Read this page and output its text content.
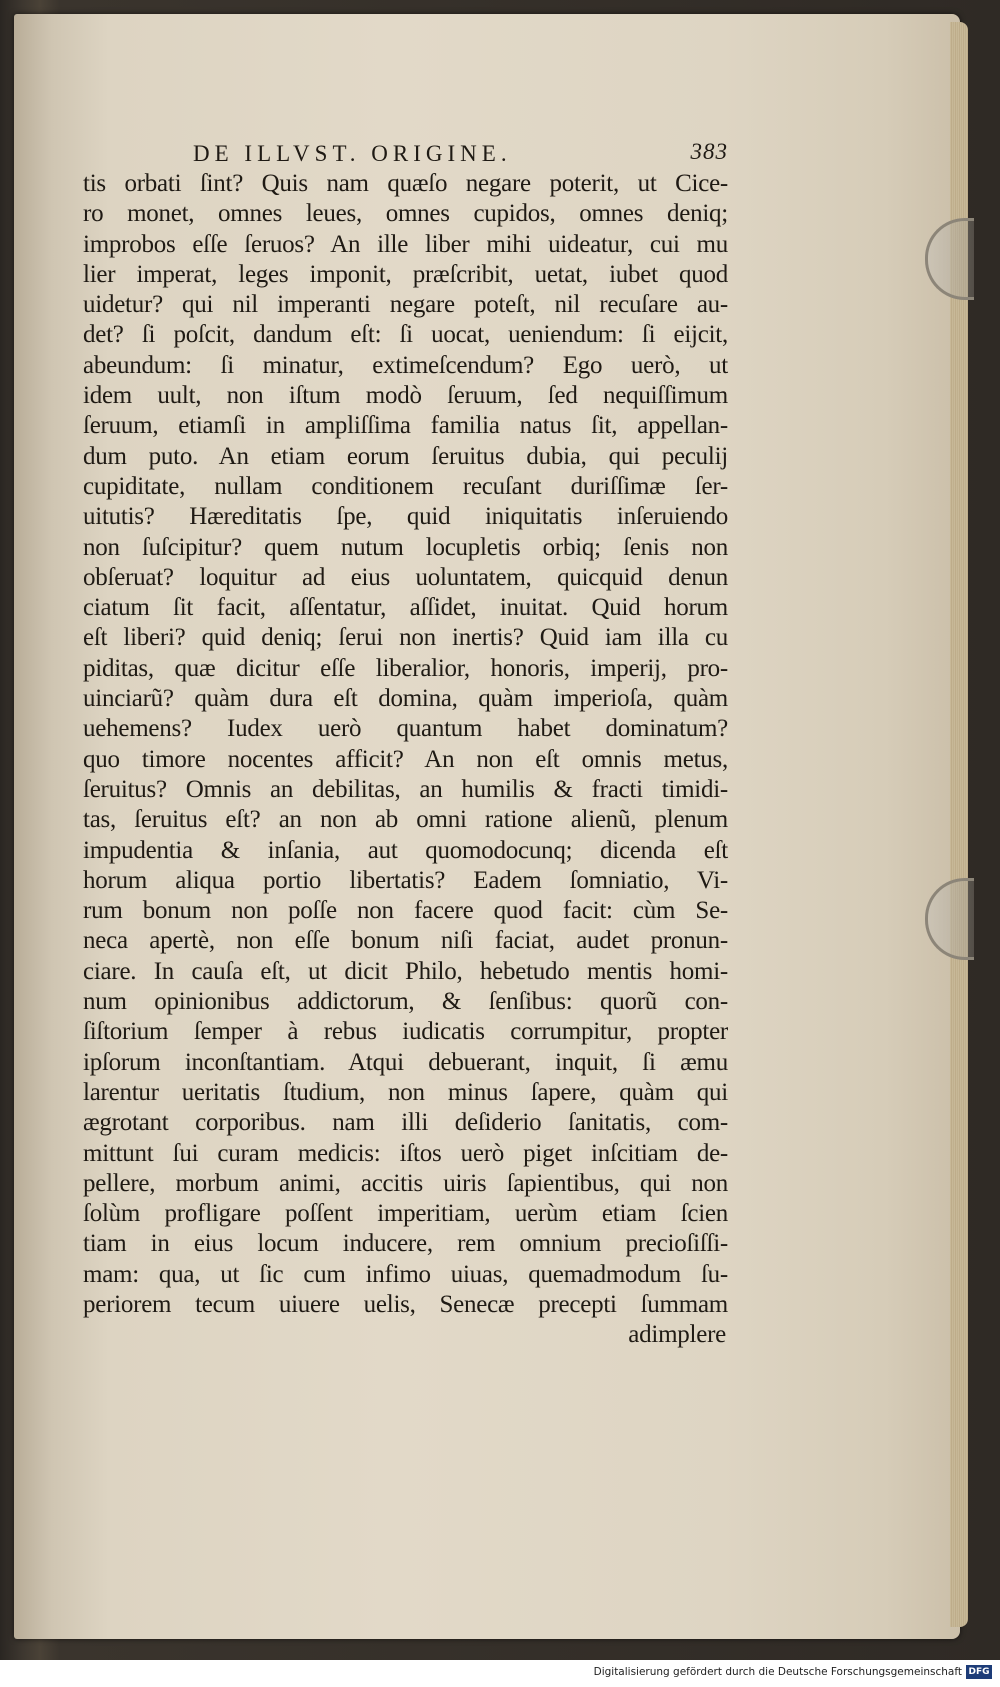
DE ILLVST. ORIGINE.	383
tis orbati ſint? Quis nam quæſo negare poterit, ut Cice-
ro monet, omnes leues, omnes cupidos, omnes deniq;
improbos eſſe ſeruos? An ille liber mihi uideatur, cui mu
lier imperat, leges imponit, præſcribit, uetat, iubet quod
uidetur? qui nil imperanti negare poteſt, nil recuſare au-
det? ſi poſcit, dandum eſt: ſi uocat, ueniendum: ſi eijcit,
abeundum: ſi minatur, extimeſcendum? Ego uerò, ut
idem uult, non iſtum modò ſeruum, ſed nequiſſimum
ſeruum, etiamſi in ampliſſima familia natus ſit, appellan-
dum puto. An etiam eorum ſeruitus dubia, qui peculij
cupiditate, nullam conditionem recuſant duriſſimæ ſer-
uitutis? Hæreditatis ſpe, quid iniquitatis inſeruiendo
non ſuſcipitur? quem nutum locupletis orbiq; ſenis non
obſeruat? loquitur ad eius uoluntatem, quicquid denun
ciatum ſit facit, aſſentatur, aſſidet, inuitat. Quid horum
eſt liberi? quid deniq; ſerui non inertis? Quid iam illa cu
piditas, quæ dicitur eſſe liberalior, honoris, imperij, pro-
uinciarũ? quàm dura eſt domina, quàm imperioſa, quàm
uehemens? Iudex uerò quantum habet dominatum?
quo timore nocentes afficit? An non eſt omnis metus,
ſeruitus? Omnis an debilitas, an humilis & fracti timidi-
tas, ſeruitus eſt? an non ab omni ratione alienũ, plenum
impudentia & inſania, aut quomodocunq; dicenda eſt
horum aliqua portio libertatis? Eadem ſomniatio, Vi-
rum bonum non poſſe non facere quod facit: cùm Se-
neca apertè, non eſſe bonum niſi faciat, audet pronun-
ciare. In cauſa eſt, ut dicit Philo, hebetudo mentis homi-
num opinionibus addictorum, & ſenſibus: quorũ con-
ſiſtorium ſemper à rebus iudicatis corrumpitur, propter
ipſorum inconſtantiam. Atqui debuerant, inquit, ſi æmu
larentur ueritatis ſtudium, non minus ſapere, quàm qui
ægrotant corporibus. nam illi deſiderio ſanitatis, com-
mittunt ſui curam medicis: iſtos uerò piget inſcitiam de-
pellere, morbum animi, accitis uiris ſapientibus, qui non
ſolùm profligare poſſent imperitiam, uerùm etiam ſcien
tiam in eius locum inducere, rem omnium precioſiſſi-
mam: qua, ut ſic cum infimo uiuas, quemadmodum ſu-
periorem tecum uiuere uelis, Senecæ precepti ſummam
adimplere
Digitalisierung gefördert durch die Deutsche Forschungsgemeinschaft DFG
